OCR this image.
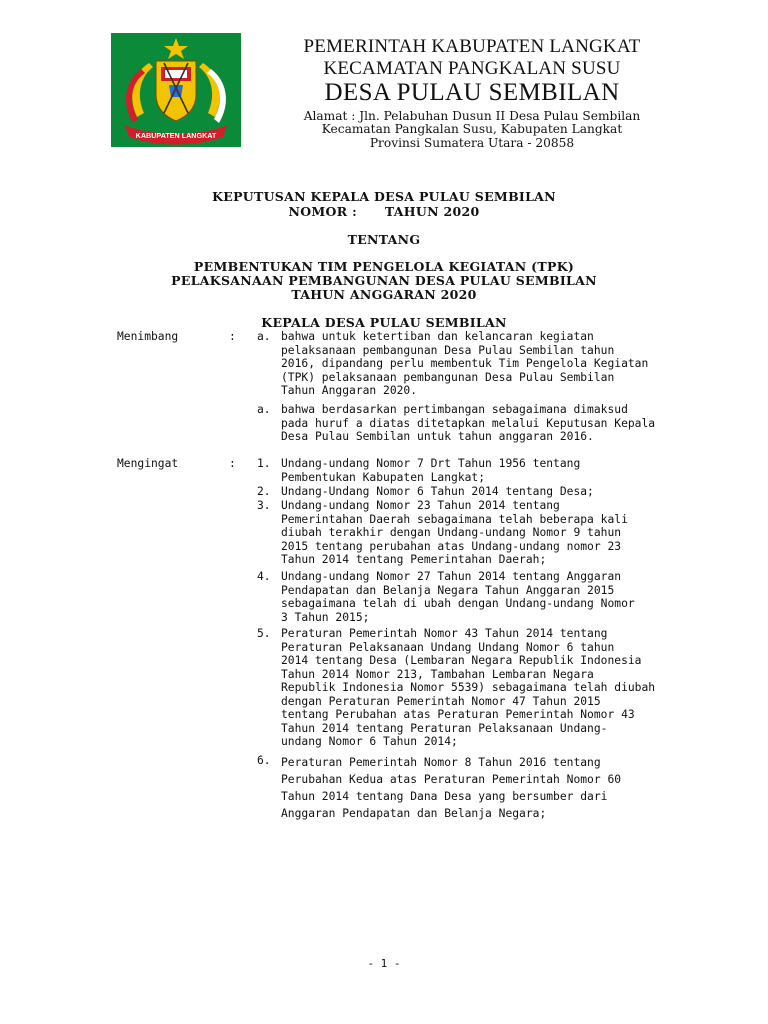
KABUPATEN LANGKAT

PEMERINTAH KABUPATEN LANGKAT

KECAMATAN PANGKALAN SUSU

DESA PULAU SEMBILAN

Alamat : Jln. Pelabuhan Dusun II Desa Pulau Sembilan

Kecamatan Pangkalan Susu, Kabupaten Langkat

Provinsi Sumatera Utara - 20858

KEPUTUSAN KEPALA DESA PULAU SEMBILAN

NOMOR :      TAHUN 2020

TENTANG

PEMBENTUKAN TIM PENGELOLA KEGIATAN (TPK)

PELAKSANAAN PEMBANGUNAN DESA PULAU SEMBILAN

TAHUN ANGGARAN 2020

KEPALA DESA PULAU SEMBILAN

Menimbang	: a. bahwa untuk ketertiban dan kelancaran kegiatan
pelaksanaan pembangunan Desa Pulau Sembilan tahun
2016, dipandang perlu membentuk Tim Pengelola Kegiatan
(TPK) pelaksanaan pembangunan Desa Pulau Sembilan
Tahun Anggaran 2020.
a. bahwa berdasarkan pertimbangan sebagaimana dimaksud
pada huruf a diatas ditetapkan melalui Keputusan Kepala
Desa Pulau Sembilan untuk tahun anggaran 2016.
Mengingat	: 1. Undang-undang Nomor 7 Drt Tahun 1956 tentang
Pembentukan Kabupaten Langkat;
2. Undang-Undang Nomor 6 Tahun 2014 tentang Desa;
3. Undang-undang Nomor 23 Tahun 2014 tentang
Pemerintahan Daerah sebagaimana telah beberapa kali
diubah terakhir dengan Undang-undang Nomor 9 tahun
2015 tentang perubahan atas Undang-undang nomor 23
Tahun 2014 tentang Pemerintahan Daerah;
4. Undang-undang Nomor 27 Tahun 2014 tentang Anggaran
Pendapatan dan Belanja Negara Tahun Anggaran 2015
sebagaimana telah di ubah dengan Undang-undang Nomor
3 Tahun 2015;
5. Peraturan Pemerintah Nomor 43 Tahun 2014 tentang
Peraturan Pelaksanaan Undang Undang Nomor 6 tahun
2014 tentang Desa (Lembaran Negara Republik Indonesia
Tahun 2014 Nomor 213, Tambahan Lembaran Negara
Republik Indonesia Nomor 5539) sebagaimana telah diubah
dengan Peraturan Pemerintah Nomor 47 Tahun 2015
tentang Perubahan atas Peraturan Pemerintah Nomor 43
Tahun 2014 tentang Peraturan Pelaksanaan Undang-
undang Nomor 6 Tahun 2014;
6. Peraturan Pemerintah Nomor 8 Tahun 2016 tentang
Perubahan Kedua atas Peraturan Pemerintah Nomor 60
Tahun 2014 tentang Dana Desa yang bersumber dari
Anggaran Pendapatan dan Belanja Negara;
- 1 -
